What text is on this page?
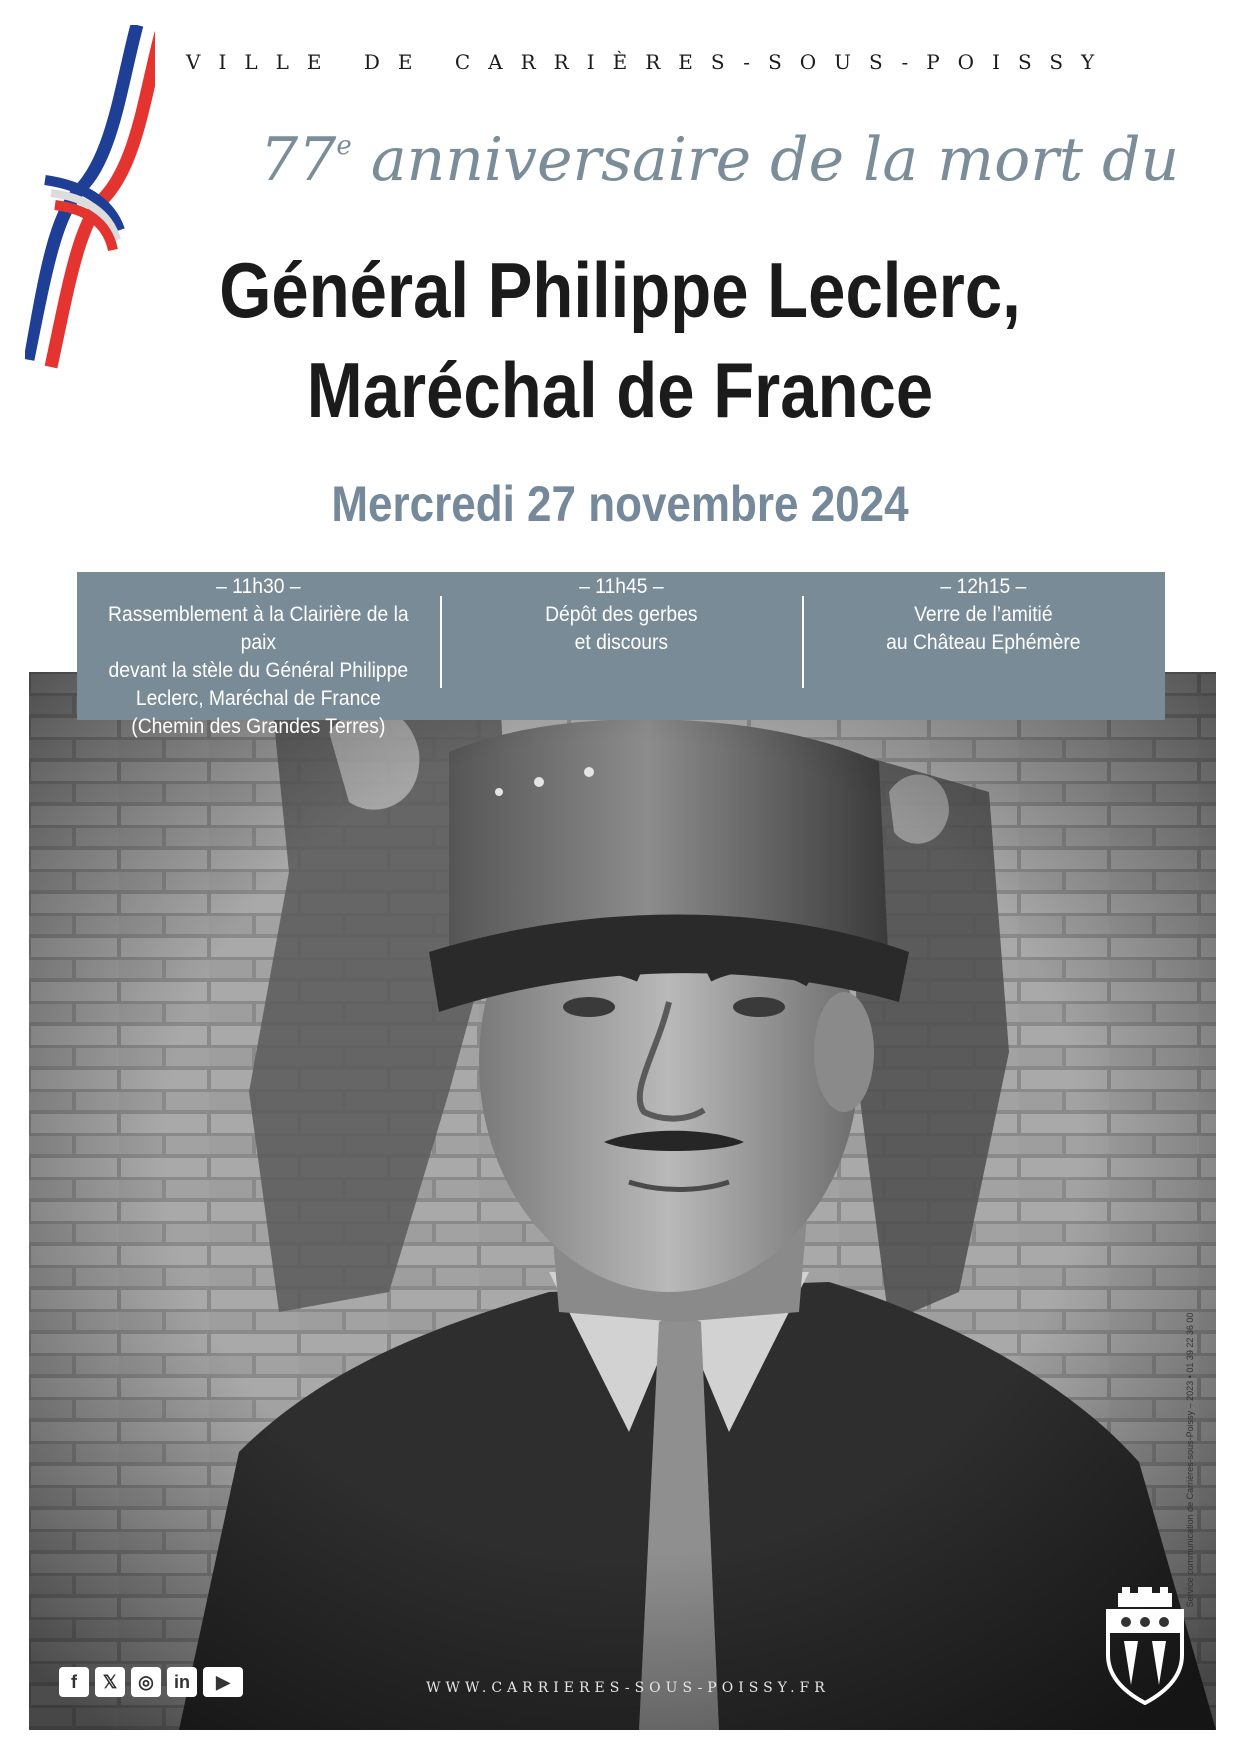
VILLE DE CARRIÈRES-SOUS-POISSY
77e anniversaire de la mort du
Général Philippe Leclerc,
Maréchal de France
Mercredi 27 novembre 2024
– 11h30 –
Rassemblement à la Clairière de la paix
devant la stèle du Général Philippe
Leclerc, Maréchal de France
(Chemin des Grandes Terres)
– 11h45 –
Dépôt des gerbes
et discours
– 12h15 –
Verre de l’amitié
au Château Ephémère
Service communication de Carrières-sous-Poissy – 2023 • 01 39 22 36 00
f	𝕏	◎	in	▶	WWW.CARRIERES-SOUS-POISSY.FR
